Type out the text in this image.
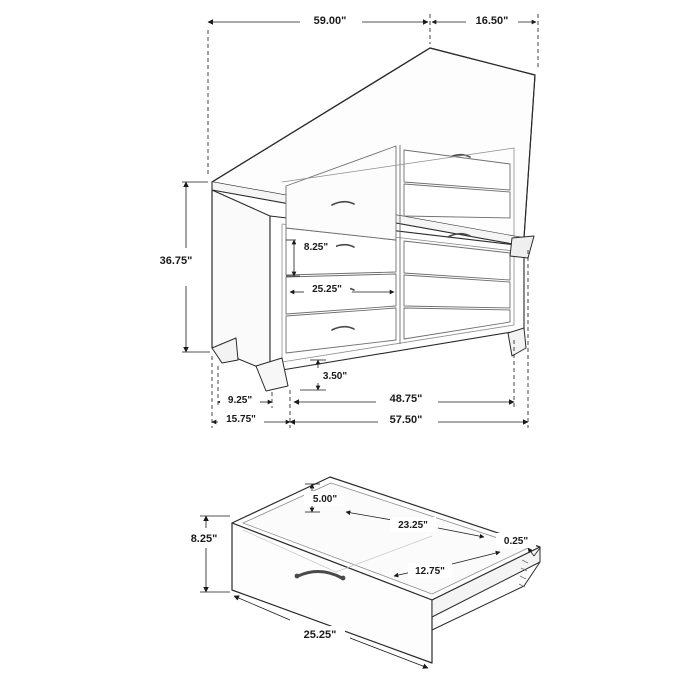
59.00"	16.50"
36.75"
8.25"
25.25"
3.50"
9.25"
15.75"
48.75"
57.50"
5.00"
23.25"
8.25"	0.25"
12.75"
25.25"
